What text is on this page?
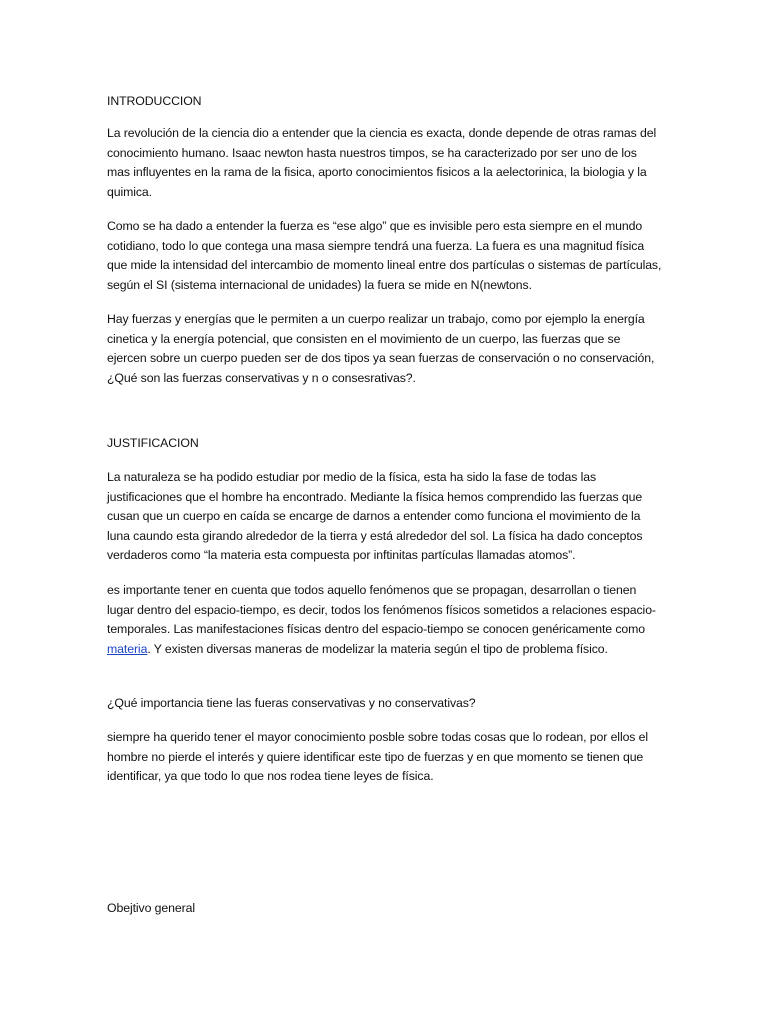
INTRODUCCION

La revolución de la ciencia dio a entender que la ciencia es exacta, donde depende de otras ramas del conocimiento humano. Isaac newton hasta nuestros timpos, se ha caracterizado por ser uno de los mas influyentes en la rama de la fisica, aporto conocimientos fisicos a la aelectorinica, la biologia y la quimica.

Como se ha dado a entender la fuerza es “ese algo” que es invisible pero esta siempre en el mundo cotidiano, todo lo que contega una masa siempre tendrá una fuerza. La fuera es una magnitud física que mide la intensidad del intercambio de momento lineal entre dos partículas o sistemas de partículas, según el SI (sistema internacional de unidades) la fuera se mide en N(newtons.

Hay fuerzas y energías que le permiten a un cuerpo realizar un trabajo, como por ejemplo la energía cinetica y la energía potencial, que consisten en el movimiento de un cuerpo, las fuerzas que se ejercen sobre un cuerpo pueden ser de dos tipos ya sean fuerzas de conservación o no conservación, ¿Qué son las fuerzas conservativas y n o consesrativas?.

JUSTIFICACION

La naturaleza se ha podido estudiar por medio de la física, esta ha sido la fase de todas las justificaciones que el hombre ha encontrado. Mediante la física hemos comprendido las fuerzas que cusan que un cuerpo en caída se encarge de darnos a entender como funciona el movimiento de la luna caundo esta girando alrededor de la tierra y está alrededor del sol. La física ha dado conceptos verdaderos como “la materia esta compuesta por inftinitas partículas llamadas atomos”.

es importante tener en cuenta que todos aquello fenómenos que se propagan, desarrollan o tienen lugar dentro del espacio-tiempo, es decir, todos los fenómenos físicos sometidos a relaciones espacio-temporales. Las manifestaciones físicas dentro del espacio-tiempo se conocen genéricamente como materia. Y existen diversas maneras de modelizar la materia según el tipo de problema físico.

¿Qué importancia tiene las fueras conservativas y no conservativas?

siempre ha querido tener el mayor conocimiento posble sobre todas cosas que lo rodean, por ellos el hombre no pierde el interés y quiere identificar este tipo de fuerzas y en que momento se tienen que identificar, ya que todo lo que nos rodea tiene leyes de física.

Obejtivo general
